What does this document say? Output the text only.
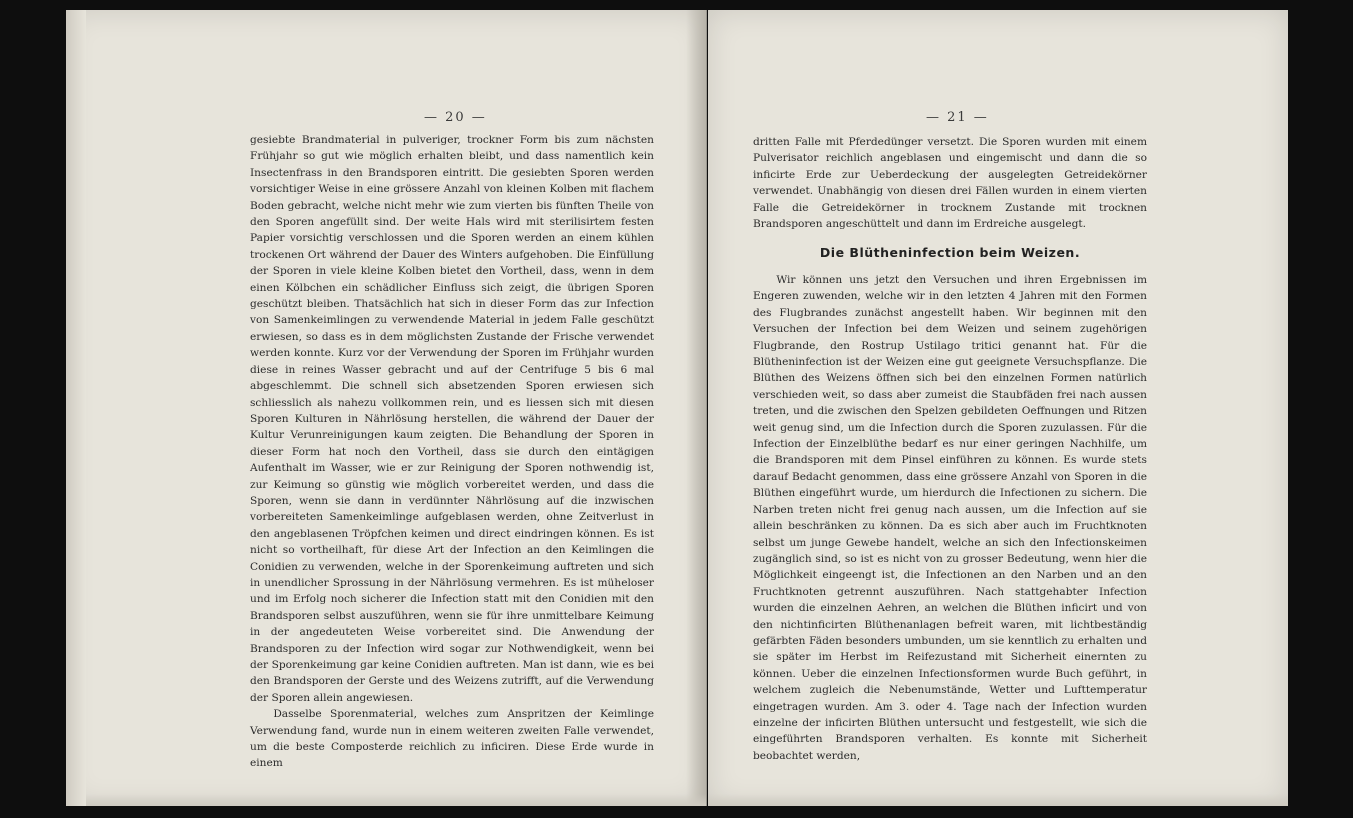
— 20 —

gesiebte Brandmaterial in pulveriger, trockner Form bis zum nächsten Frühjahr so gut wie möglich erhalten bleibt, und dass namentlich kein Insectenfrass in den Brandsporen eintritt. Die gesiebten Sporen werden vorsichtiger Weise in eine grössere Anzahl von kleinen Kolben mit flachem Boden gebracht, welche nicht mehr wie zum vierten bis fünften Theile von den Sporen angefüllt sind. Der weite Hals wird mit sterilisirtem festen Papier vorsichtig verschlossen und die Sporen werden an einem kühlen trockenen Ort während der Dauer des Winters aufgehoben. Die Einfüllung der Sporen in viele kleine Kolben bietet den Vortheil, dass, wenn in dem einen Kölbchen ein schädlicher Einfluss sich zeigt, die übrigen Sporen geschützt bleiben. Thatsächlich hat sich in dieser Form das zur Infection von Samenkeimlingen zu verwendende Material in jedem Falle geschützt erwiesen, so dass es in dem möglichsten Zustande der Frische verwendet werden konnte. Kurz vor der Verwendung der Sporen im Frühjahr wurden diese in reines Wasser gebracht und auf der Centrifuge 5 bis 6 mal abgeschlemmt. Die schnell sich absetzenden Sporen erwiesen sich schliesslich als nahezu vollkommen rein, und es liessen sich mit diesen Sporen Kulturen in Nährlösung herstellen, die während der Dauer der Kultur Verunreinigungen kaum zeigten. Die Behandlung der Sporen in dieser Form hat noch den Vortheil, dass sie durch den eintägigen Aufenthalt im Wasser, wie er zur Reinigung der Sporen nothwendig ist, zur Keimung so günstig wie möglich vorbereitet werden, und dass die Sporen, wenn sie dann in verdünnter Nährlösung auf die inzwischen vorbereiteten Samenkeimlinge aufgeblasen werden, ohne Zeitverlust in den angeblasenen Tröpfchen keimen und direct eindringen können. Es ist nicht so vortheilhaft, für diese Art der Infection an den Keimlingen die Conidien zu verwenden, welche in der Sporenkeimung auftreten und sich in unendlicher Sprossung in der Nährlösung vermehren. Es ist müheloser und im Erfolg noch sicherer die Infection statt mit den Conidien mit den Brandsporen selbst auszuführen, wenn sie für ihre unmittelbare Keimung in der angedeuteten Weise vorbereitet sind. Die Anwendung der Brandsporen zu der Infection wird sogar zur Nothwendigkeit, wenn bei der Sporenkeimung gar keine Conidien auftreten. Man ist dann, wie es bei den Brandsporen der Gerste und des Weizens zutrifft, auf die Verwendung der Sporen allein angewiesen.

Dasselbe Sporenmaterial, welches zum Anspritzen der Keimlinge Verwendung fand, wurde nun in einem weiteren zweiten Falle verwendet, um die beste Composterde reichlich zu inficiren. Diese Erde wurde in einem

— 21 —

dritten Falle mit Pferdedünger versetzt. Die Sporen wurden mit einem Pulverisator reichlich angeblasen und eingemischt und dann die so inficirte Erde zur Ueberdeckung der ausgelegten Getreidekörner verwendet. Unabhängig von diesen drei Fällen wurden in einem vierten Falle die Getreidekörner in trocknem Zustande mit trocknen Brandsporen angeschüttelt und dann im Erdreiche ausgelegt.

Die Blütheninfection beim Weizen.

Wir können uns jetzt den Versuchen und ihren Ergebnissen im Engeren zuwenden, welche wir in den letzten 4 Jahren mit den Formen des Flugbrandes zunächst angestellt haben. Wir beginnen mit den Versuchen der Infection bei dem Weizen und seinem zugehörigen Flugbrande, den Rostrup Ustilago tritici genannt hat. Für die Blütheninfection ist der Weizen eine gut geeignete Versuchspflanze. Die Blüthen des Weizens öffnen sich bei den einzelnen Formen natürlich verschieden weit, so dass aber zumeist die Staubfäden frei nach aussen treten, und die zwischen den Spelzen gebildeten Oeffnungen und Ritzen weit genug sind, um die Infection durch die Sporen zuzulassen. Für die Infection der Einzelblüthe bedarf es nur einer geringen Nachhilfe, um die Brandsporen mit dem Pinsel einführen zu können. Es wurde stets darauf Bedacht genommen, dass eine grössere Anzahl von Sporen in die Blüthen eingeführt wurde, um hierdurch die Infectionen zu sichern. Die Narben treten nicht frei genug nach aussen, um die Infection auf sie allein beschränken zu können. Da es sich aber auch im Fruchtknoten selbst um junge Gewebe handelt, welche an sich den Infectionskeimen zugänglich sind, so ist es nicht von zu grosser Bedeutung, wenn hier die Möglichkeit eingeengt ist, die Infectionen an den Narben und an den Fruchtknoten getrennt auszuführen. Nach stattgehabter Infection wurden die einzelnen Aehren, an welchen die Blüthen inficirt und von den nichtinficirten Blüthenanlagen befreit waren, mit lichtbeständig gefärbten Fäden besonders umbunden, um sie kenntlich zu erhalten und sie später im Herbst im Reifezustand mit Sicherheit einernten zu können. Ueber die einzelnen Infectionsformen wurde Buch geführt, in welchem zugleich die Nebenumstände, Wetter und Lufttemperatur eingetragen wurden. Am 3. oder 4. Tage nach der Infection wurden einzelne der inficirten Blüthen untersucht und festgestellt, wie sich die eingeführten Brandsporen verhalten. Es konnte mit Sicherheit beobachtet werden,
